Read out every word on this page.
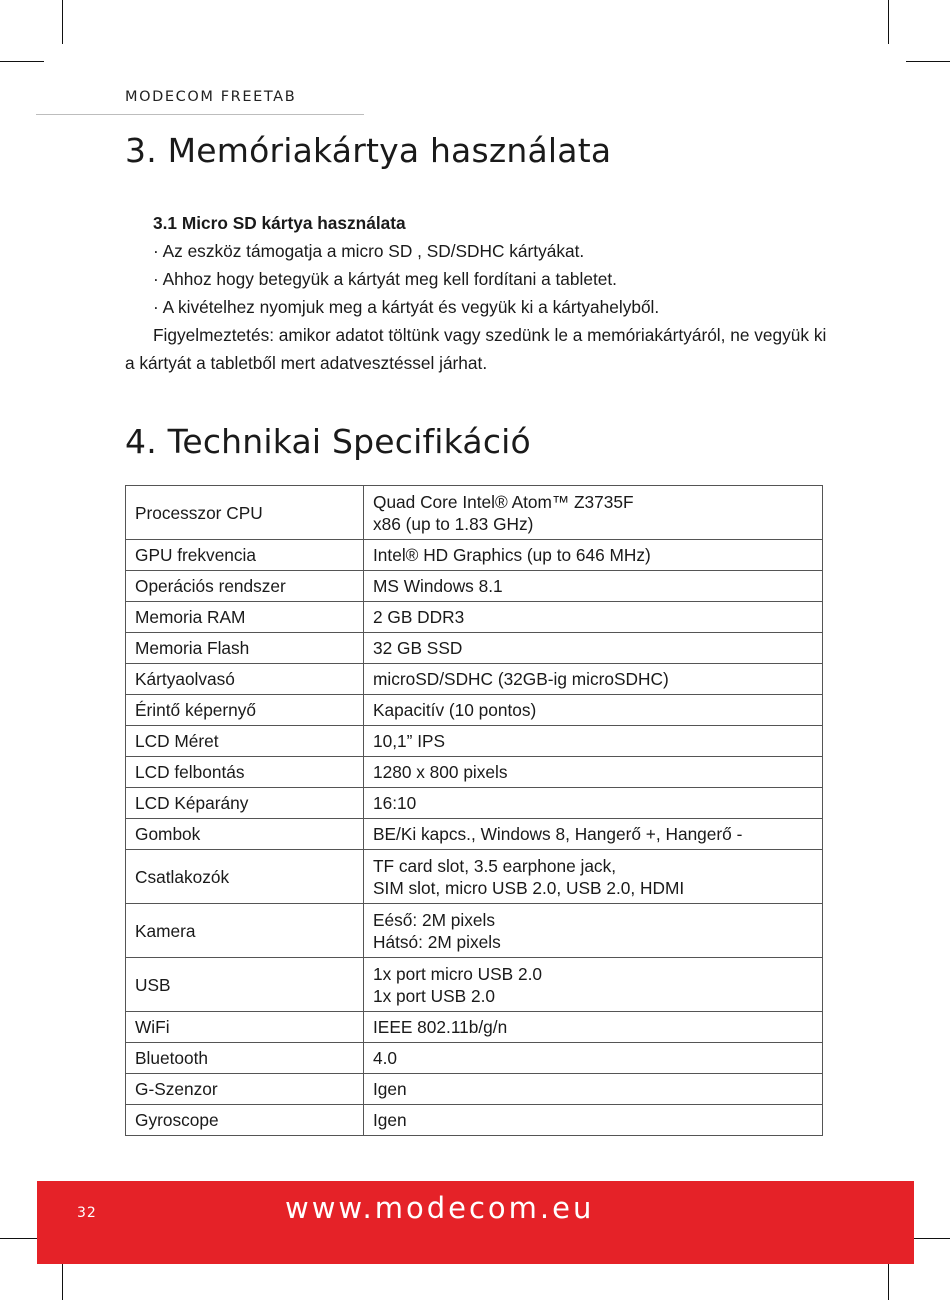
MODECOM FREETAB
3. Memóriakártya használata
3.1 Micro SD kártya használata
· Az eszköz támogatja a micro SD , SD/SDHC kártyákat.
· Ahhoz hogy betegyük a kártyát meg kell fordítani a tabletet.
· A kivételhez nyomjuk meg a kártyát és vegyük ki a kártyahelyből.
Figyelmeztetés: amikor adatot töltünk vagy szedünk le a memóriakártyáról, ne vegyük ki a kártyát a tabletből mert adatvesztéssel járhat.
4. Technikai Specifikáció
Processzor CPU	Quad Core Intel® Atom™ Z3735F
x86 (up to 1.83 GHz)

GPU frekvencia	Intel® HD Graphics (up to 646 MHz)

Operációs rendszer	MS Windows 8.1

Memoria RAM	2 GB DDR3

Memoria Flash	32 GB SSD

Kártyaolvasó	microSD/SDHC (32GB-ig microSDHC)

Érintő képernyő	Kapacitív (10 pontos)

LCD Méret	10,1” IPS

LCD felbontás	1280 x 800 pixels

LCD Képarány	16:10

Gombok	BE/Ki kapcs., Windows 8, Hangerő +, Hangerő -

Csatlakozók	TF card slot, 3.5 earphone jack,
SIM slot, micro USB 2.0, USB 2.0, HDMI

Kamera	Eéső: 2M pixels
Hátsó: 2M pixels

USB	1x port micro USB 2.0
1x port USB 2.0

WiFi	IEEE 802.11b/g/n

Bluetooth	4.0

G-Szenzor	Igen

Gyroscope	Igen
32	www.modecom.eu
